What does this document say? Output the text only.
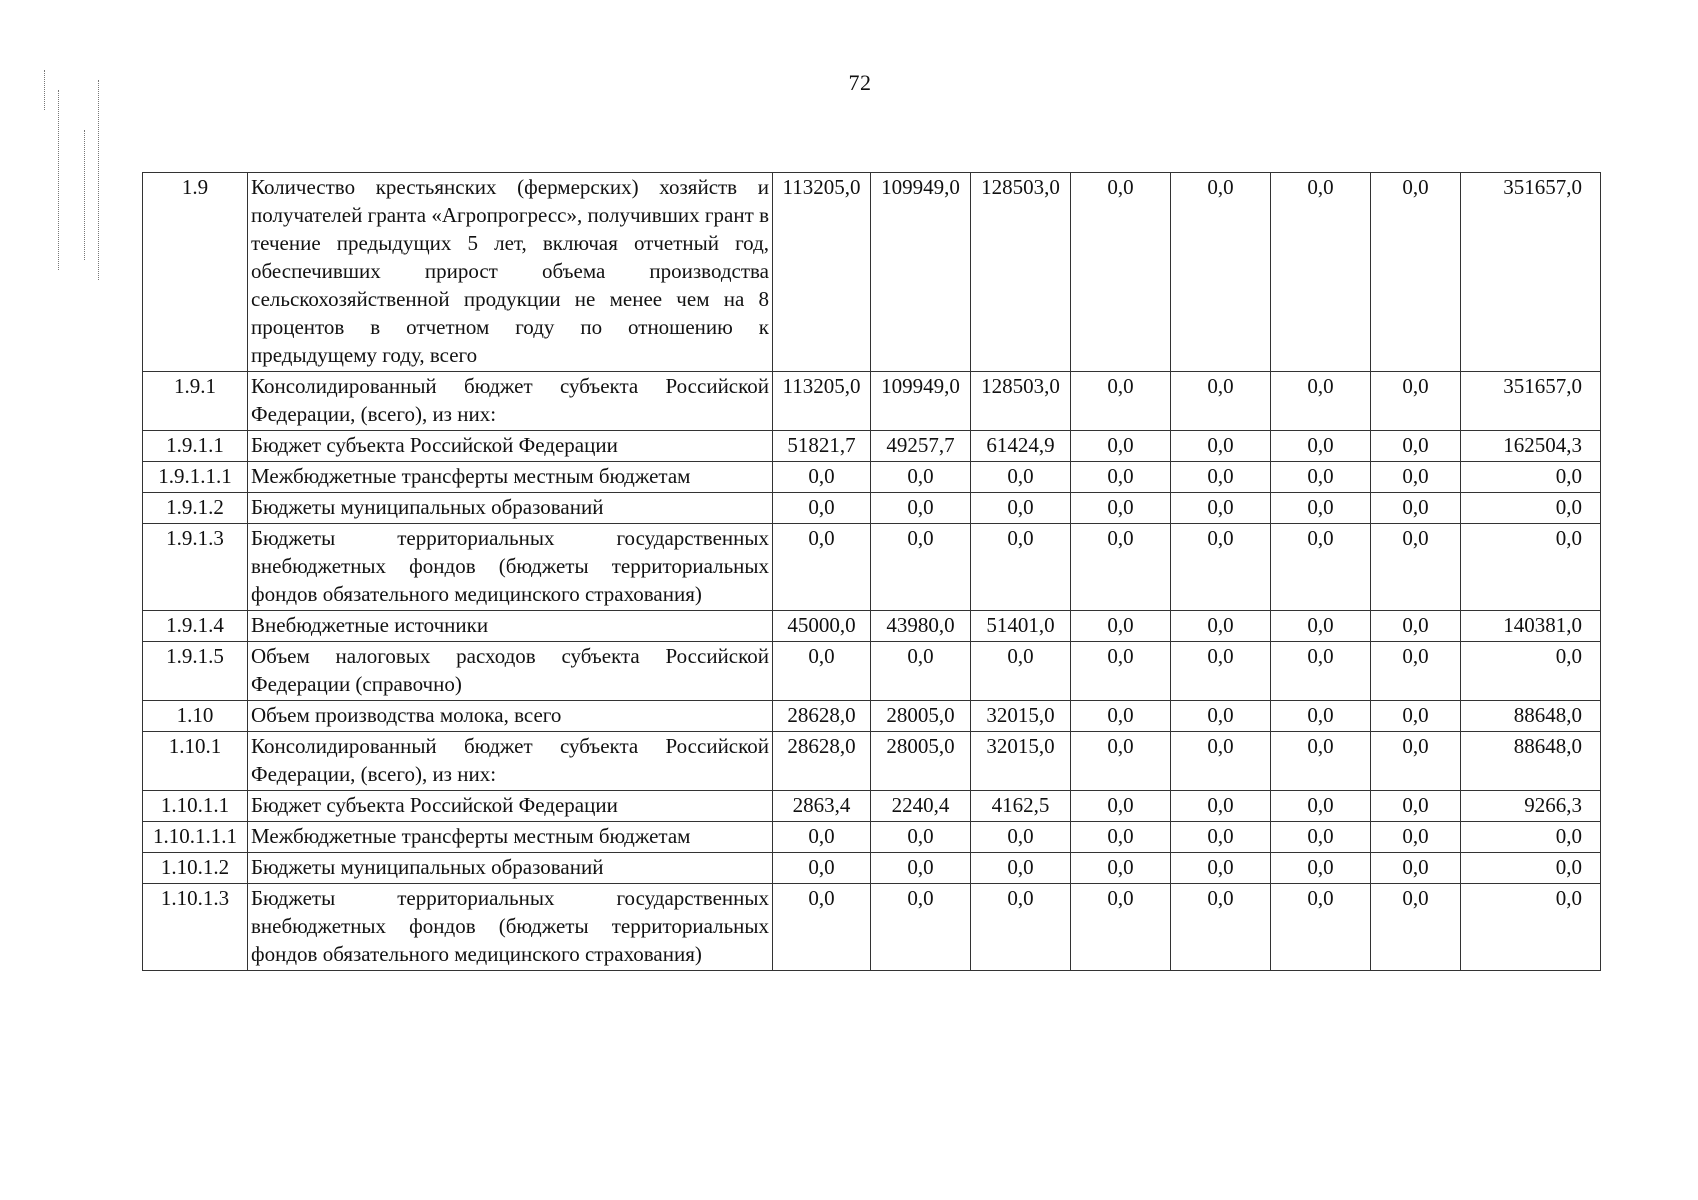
72
1.9	Количество крестьянских (фермерских) хозяйств и получателей гранта «Агропрогресс», получивших грант в течение предыдущих 5 лет, включая отчетный год, обеспечивших прирост объема производства сельскохозяйственной продукции не менее чем на 8 процентов в отчетном году по отношению к предыдущему году, всего	113205,0	109949,0	128503,0	0,0	0,0	0,0	0,0	351657,0
1.9.1	Консолидированный бюджет субъекта Российской Федерации, (всего), из них:	113205,0	109949,0	128503,0	0,0	0,0	0,0	0,0	351657,0
1.9.1.1	Бюджет субъекта Российской Федерации	51821,7	49257,7	61424,9	0,0	0,0	0,0	0,0	162504,3
1.9.1.1.1	Межбюджетные трансферты местным бюджетам	0,0	0,0	0,0	0,0	0,0	0,0	0,0	0,0
1.9.1.2	Бюджеты муниципальных образований	0,0	0,0	0,0	0,0	0,0	0,0	0,0	0,0
1.9.1.3	Бюджеты территориальных государственных внебюджетных фондов (бюджеты территориальных фондов обязательного медицинского страхования)	0,0	0,0	0,0	0,0	0,0	0,0	0,0	0,0
1.9.1.4	Внебюджетные источники	45000,0	43980,0	51401,0	0,0	0,0	0,0	0,0	140381,0
1.9.1.5	Объем налоговых расходов субъекта Российской Федерации (справочно)	0,0	0,0	0,0	0,0	0,0	0,0	0,0	0,0
1.10	Объем производства молока, всего	28628,0	28005,0	32015,0	0,0	0,0	0,0	0,0	88648,0
1.10.1	Консолидированный бюджет субъекта Российской Федерации, (всего), из них:	28628,0	28005,0	32015,0	0,0	0,0	0,0	0,0	88648,0
1.10.1.1	Бюджет субъекта Российской Федерации	2863,4	2240,4	4162,5	0,0	0,0	0,0	0,0	9266,3
1.10.1.1.1	Межбюджетные трансферты местным бюджетам	0,0	0,0	0,0	0,0	0,0	0,0	0,0	0,0
1.10.1.2	Бюджеты муниципальных образований	0,0	0,0	0,0	0,0	0,0	0,0	0,0	0,0
1.10.1.3	Бюджеты территориальных государственных внебюджетных фондов (бюджеты территориальных фондов обязательного медицинского страхования)	0,0	0,0	0,0	0,0	0,0	0,0	0,0	0,0
